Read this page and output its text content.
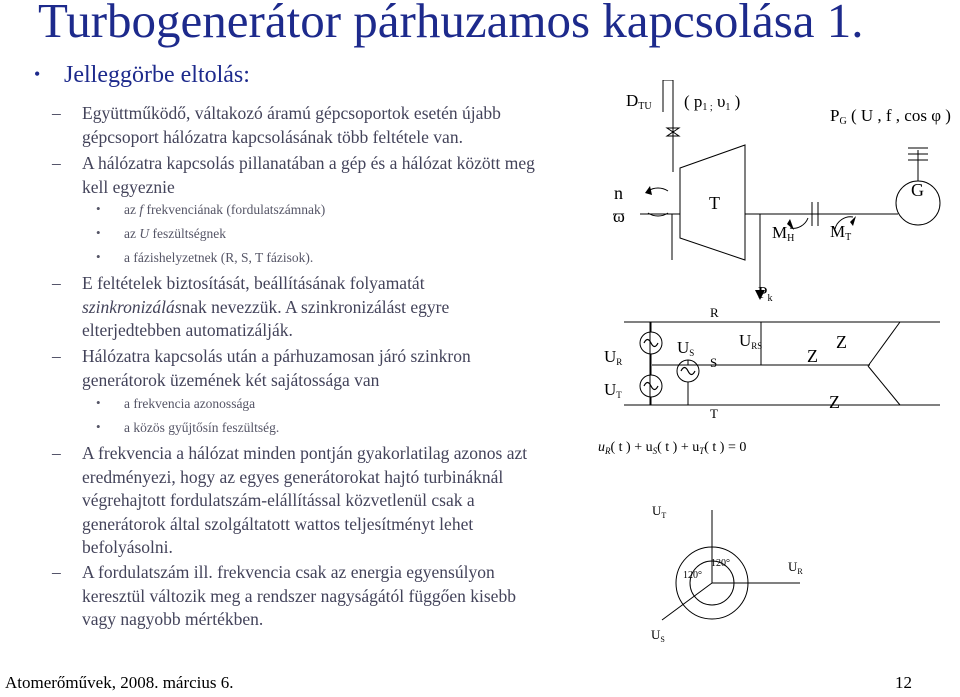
Turbogenerátor párhuzamos kapcsolása 1.
• Jelleggörbe eltolás:
–	Együttműködő, váltakozó áramú gépcsoportok esetén újabb
gépcsoport hálózatra kapcsolásának több feltétele van.
–	A hálózatra kapcsolás pillanatában a gép és a hálózat között meg
kell egyeznie
• az f frekvenciának (fordulatszámnak)
• az U feszültségnek
• a fázishelyzetnek (R, S, T fázisok).
–	E feltételek biztosítását, beállításának folyamatát
szinkronizálásnak nevezzük. A szinkronizálást egyre
elterjedtebben automatizálják.
–	Hálózatra kapcsolás után a párhuzamosan járó szinkron
generátorok üzemének két sajátossága van
• a frekvencia azonossága
• a közös gyűjtősín feszültség.
–	A frekvencia a hálózat minden pontján gyakorlatilag azonos azt
eredményezi, hogy az egyes generátorokat hajtó turbináknál
végrehajtott fordulatszám-elállítással közvetlenül csak a
generátorok által szolgáltatott wattos teljesítményt lehet
befolyásolni.
–	A fordulatszám ill. frekvencia csak az energia egyensúlyon
keresztül változik meg a rendszer nagyságától függően kisebb
vagy nagyobb mértékben.
DTU ( p1 ; υ1 )
PG ( U , f , cos φ )
n
ϖ
T
G
MH MT
Pk
R
S
T
UR
UT
US
URS	Z
Z
Z
$u_R$( t ) + $u_S$( t ) + $u_T$( t ) = 0
$U_T$
$U_R$
$U_S$
120°
120°
Atomerőművek, 2008. március 6.	12
